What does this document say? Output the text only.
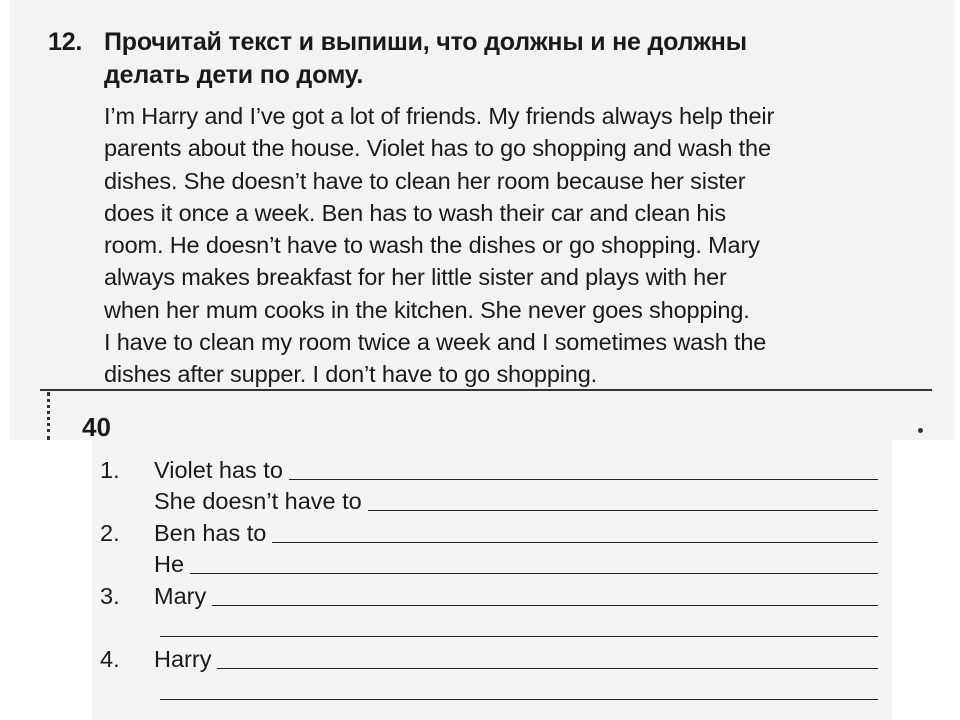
12. Прочитай текст и выпиши, что должны и не должны
делать дети по дому.
I’m Harry and I’ve got a lot of friends. My friends always help their
parents about the house. Violet has to go shopping and wash the
dishes. She doesn’t have to clean her room because her sister
does it once a week. Ben has to wash their car and clean his
room. He doesn’t have to wash the dishes or go shopping. Mary
always makes breakfast for her little sister and plays with her
when her mum cooks in the kitchen. She never goes shopping.
I have to clean my room twice a week and I sometimes wash the
dishes after supper. I don’t have to go shopping.
40
1.	Violet has to
She doesn’t have to
2.	Ben has to
He
3.	Mary
4.	Harry
